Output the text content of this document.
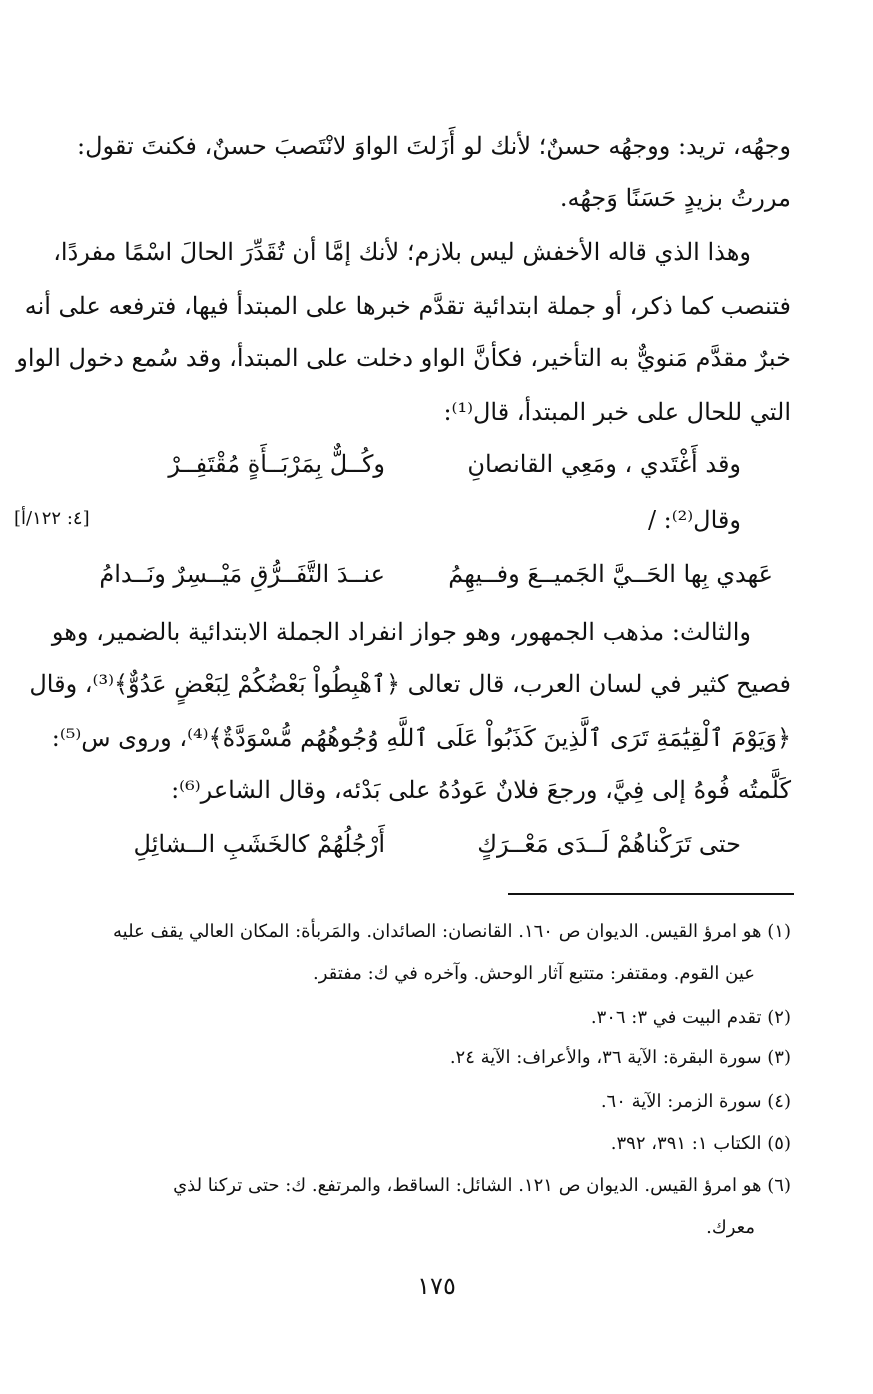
وجهُه، تريد: ووجهُه حسنٌ؛ لأنك لو أَزَلتَ الواوَ لانْتَصبَ حسنٌ، فكنتَ تقول:
مررتُ بزيدٍ حَسَنًا وَجهُه.
وهذا الذي قاله الأخفش ليس بلازم؛ لأنك إمَّا أن تُقَدِّرَ الحالَ اسْمًا مفردًا،
فتنصب كما ذكر، أو جملة ابتدائية تقدَّم خبرها على المبتدأ فيها، فترفعه على أنه
خبرٌ مقدَّم مَنويٌّ به التأخير، فكأنَّ الواو دخلت على المبتدأ، وقد سُمع دخول الواو
التي للحال على خبر المبتدأ، قال⁽¹⁾:
وقد أَغْتَدي ، ومَعِي القانصانِ
وكُــلٌّ بِمَرْبَــأَةٍ مُقْتَفِــرْ
وقال⁽²⁾: /
[٤: ١٢٢/أ]
عَهدي بِها الحَــيَّ الجَميــعَ وفــيهِمُ
عنــدَ التَّفَــرُّقِ مَيْــسِرٌ ونَــدامُ
والثالث: مذهب الجمهور، وهو جواز انفراد الجملة الابتدائية بالضمير، وهو
فصيح كثير في لسان العرب، قال تعالى ﴿ٱهْبِطُواْ بَعْضُكُمْ لِبَعْضٍ عَدُوٌّ﴾⁽³⁾، وقال
﴿وَيَوْمَ ٱلْقِيَٰمَةِ تَرَى ٱلَّذِينَ كَذَبُواْ عَلَى ٱللَّهِ وُجُوهُهُم مُّسْوَدَّةٌ﴾⁽⁴⁾، وروى س⁽⁵⁾:
كَلَّمتُه فُوهُ إلى فِيَّ، ورجعَ فلانٌ عَودُهُ على بَدْئه، وقال الشاعر⁽⁶⁾:
حتى تَرَكْناهُمْ لَــدَى مَعْــرَكٍ
أَرْجُلُهُمْ كالخَشَبِ الــشائِلِ
(١) هو امرؤ القيس. الديوان ص ١٦٠. القانصان: الصائدان. والمَربأة: المكان العالي يقف عليه
عين القوم. ومقتفر: متتبع آثار الوحش. وآخره في ك: مفتقر.
(٢) تقدم البيت في ٣: ٣٠٦.
(٣) سورة البقرة: الآية ٣٦، والأعراف: الآية ٢٤.
(٤) سورة الزمر: الآية ٦٠.
(٥) الكتاب ١: ٣٩١، ٣٩٢.
(٦) هو امرؤ القيس. الديوان ص ١٢١. الشائل: الساقط، والمرتفع. ك: حتى تركنا لذي
معرك.
١٧٥
